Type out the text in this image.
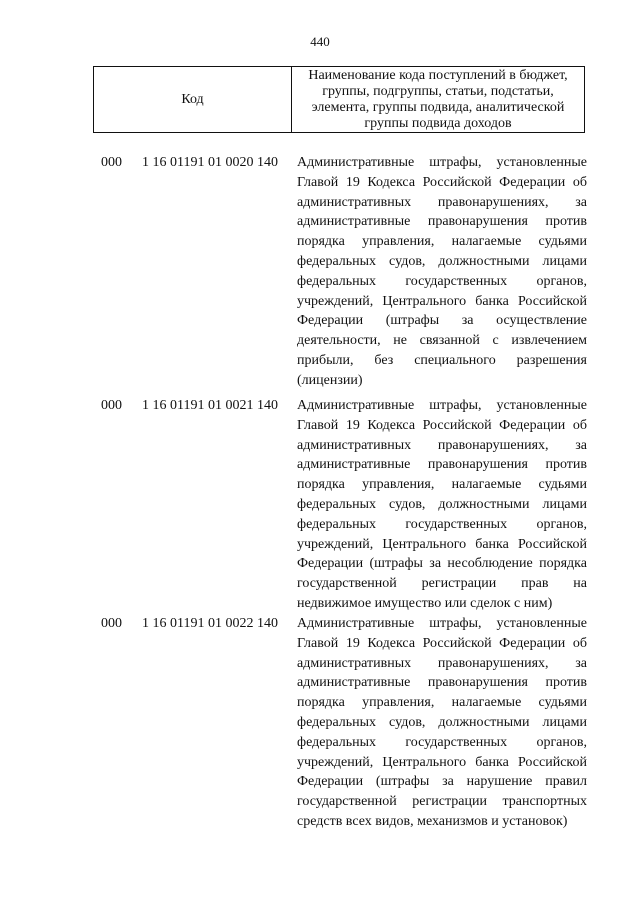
440
Код
Наименование кода поступлений в бюджет, группы, подгруппы, статьи, подстатьи, элемента, группы подвида, аналитической группы подвида доходов
000 1 16 01191 01 0020 140 Административные штрафы, установленные
Главой 19 Кодекса Российской Федерации об
административных правонарушениях, за
административные правонарушения против
порядка управления, налагаемые судьями
федеральных судов, должностными лицами
федеральных государственных органов,
учреждений, Центрального банка Российской
Федерации (штрафы за осуществление
деятельности, не связанной с извлечением
прибыли, без специального разрешения
(лицензии)
000 1 16 01191 01 0021 140 Административные штрафы, установленные
Главой 19 Кодекса Российской Федерации об
административных правонарушениях, за
административные правонарушения против
порядка управления, налагаемые судьями
федеральных судов, должностными лицами
федеральных государственных органов,
учреждений, Центрального банка Российской
Федерации (штрафы за несоблюдение порядка
государственной регистрации прав на
недвижимое имущество или сделок с ним)
000 1 16 01191 01 0022 140 Административные штрафы, установленные
Главой 19 Кодекса Российской Федерации об
административных правонарушениях, за
административные правонарушения против
порядка управления, налагаемые судьями
федеральных судов, должностными лицами
федеральных государственных органов,
учреждений, Центрального банка Российской
Федерации (штрафы за нарушение правил
государственной регистрации транспортных
средств всех видов, механизмов и установок)
